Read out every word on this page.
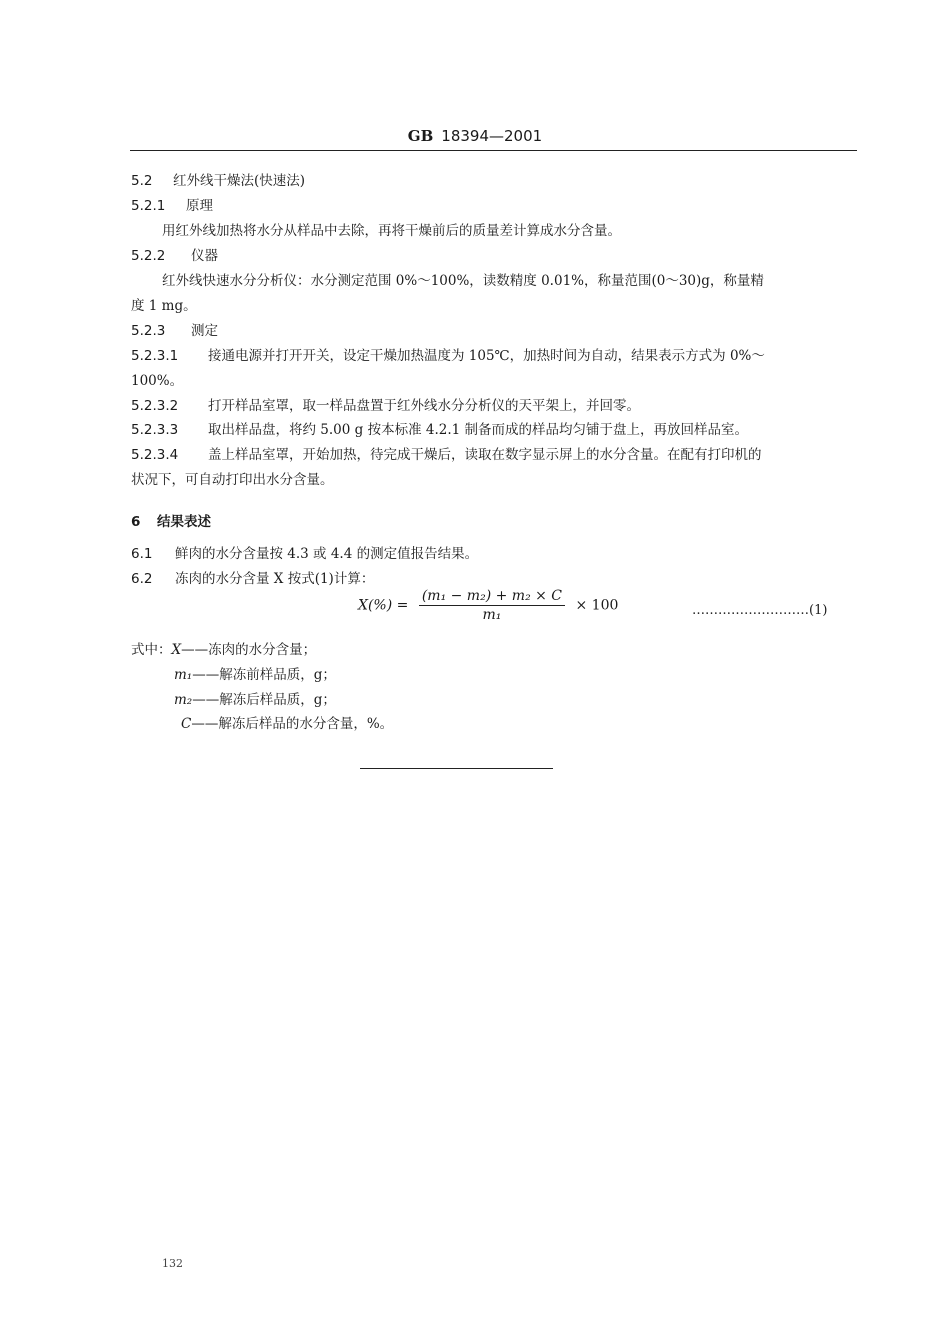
GB 18394—2001
5.2 红外线干燥法(快速法)
5.2.1 原理
用红外线加热将水分从样品中去除，再将干燥前后的质量差计算成水分含量。
5.2.2 仪器
红外线快速水分分析仪：水分测定范围 0%～100%，读数精度 0.01%，称量范围(0～30)g，称量精
度 1 mg。
5.2.3 测定
5.2.3.1 接通电源并打开开关，设定干燥加热温度为 105℃，加热时间为自动，结果表示方式为 0%～
100%。
5.2.3.2 打开样品室罩，取一样品盘置于红外线水分分析仪的天平架上，并回零。
5.2.3.3 取出样品盘，将约 5.00 g 按本标准 4.2.1 制备而成的样品均匀铺于盘上，再放回样品室。
5.2.3.4 盖上样品室罩，开始加热，待完成干燥后，读取在数字显示屏上的水分含量。在配有打印机的
状况下，可自动打印出水分含量。
6 结果表述
6.1 鲜肉的水分含量按 4.3 或 4.4 的测定值报告结果。
6.2 冻肉的水分含量 X 按式(1)计算：
$X(\%) = \frac{\text{(m₁ − m₂) + m₂ × C}}{\text{m₁}} \times 100$	………………………(1)
式中：X——冻肉的水分含量；
m₁——解冻前样品质，g；
m₂——解冻后样品质，g；
C——解冻后样品的水分含量，%。
132
